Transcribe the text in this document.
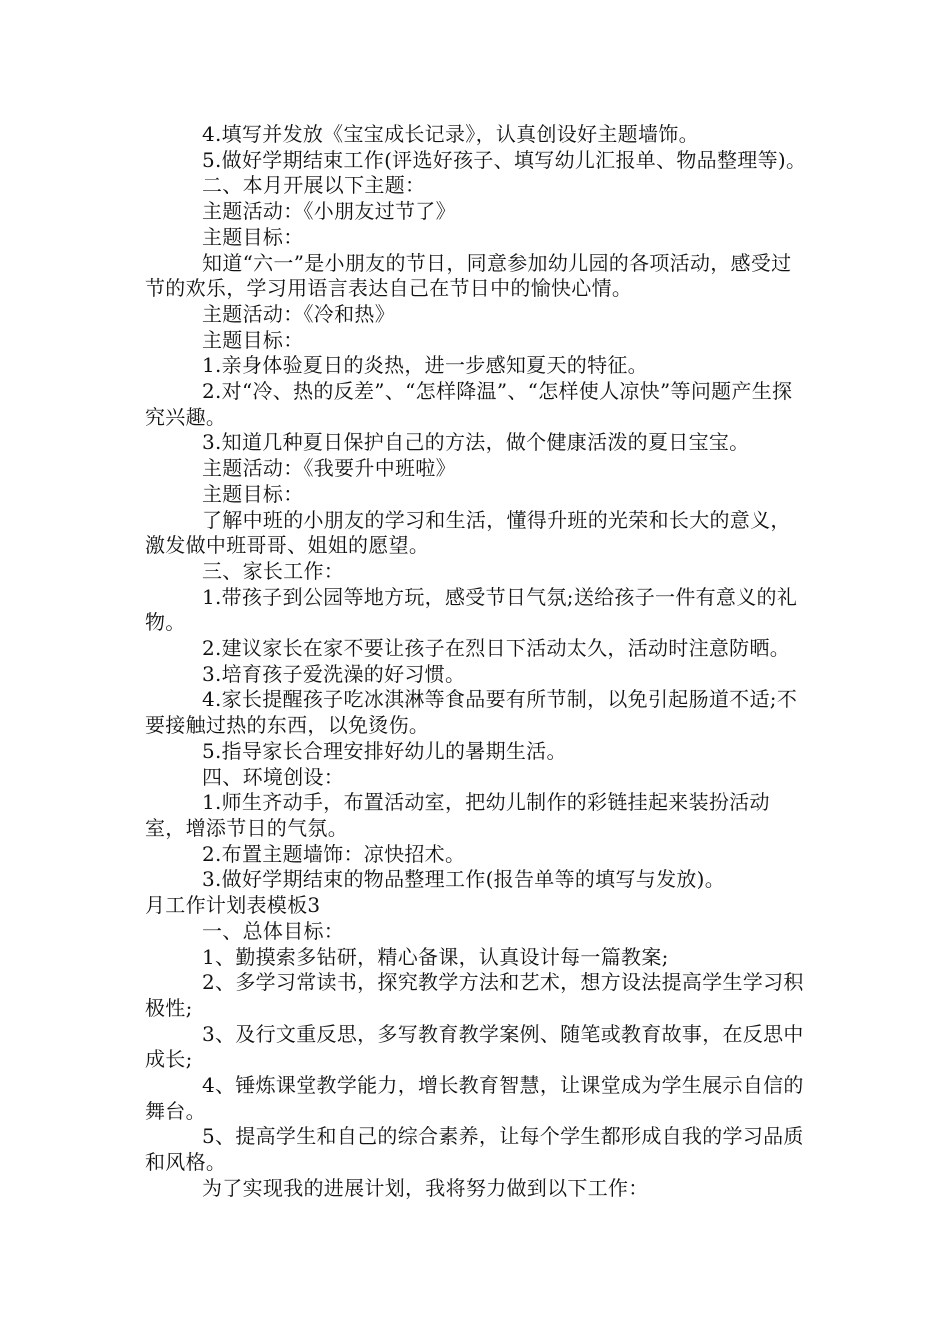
4.填写并发放《宝宝成长记录》，认真创设好主题墙饰。

5.做好学期结束工作(评选好孩子、填写幼儿汇报单、物品整理等)。

二、本月开展以下主题：

主题活动：《小朋友过节了》

主题目标：

知道“六一”是小朋友的节日，同意参加幼儿园的各项活动，感受过节的欢乐，学习用语言表达自己在节日中的愉快心情。

主题活动：《冷和热》

主题目标：

1.亲身体验夏日的炎热，进一步感知夏天的特征。

2.对“冷、热的反差”、“怎样降温”、“怎样使人凉快”等问题产生探究兴趣。

3.知道几种夏日保护自己的方法，做个健康活泼的夏日宝宝。

主题活动：《我要升中班啦》

主题目标：

了解中班的小朋友的学习和生活，懂得升班的光荣和长大的意义，激发做中班哥哥、姐姐的愿望。

三、家长工作：

1.带孩子到公园等地方玩，感受节日气氛;送给孩子一件有意义的礼物。

2.建议家长在家不要让孩子在烈日下活动太久，活动时注意防晒。

3.培育孩子爱洗澡的好习惯。

4.家长提醒孩子吃冰淇淋等食品要有所节制，以免引起肠道不适;不要接触过热的东西，以免烫伤。

5.指导家长合理安排好幼儿的暑期生活。

四、环境创设：

1.师生齐动手，布置活动室，把幼儿制作的彩链挂起来装扮活动室，增添节日的气氛。

2.布置主题墙饰：凉快招术。

3.做好学期结束的物品整理工作(报告单等的填写与发放)。

月工作计划表模板3

一、总体目标：

1、勤摸索多钻研，精心备课，认真设计每一篇教案;

2、多学习常读书，探究教学方法和艺术，想方设法提高学生学习积极性;

3、及行文重反思，多写教育教学案例、随笔或教育故事，在反思中成长;

4、锤炼课堂教学能力，增长教育智慧，让课堂成为学生展示自信的舞台。

5、提高学生和自己的综合素养，让每个学生都形成自我的学习品质和风格。

为了实现我的进展计划，我将努力做到以下工作：
